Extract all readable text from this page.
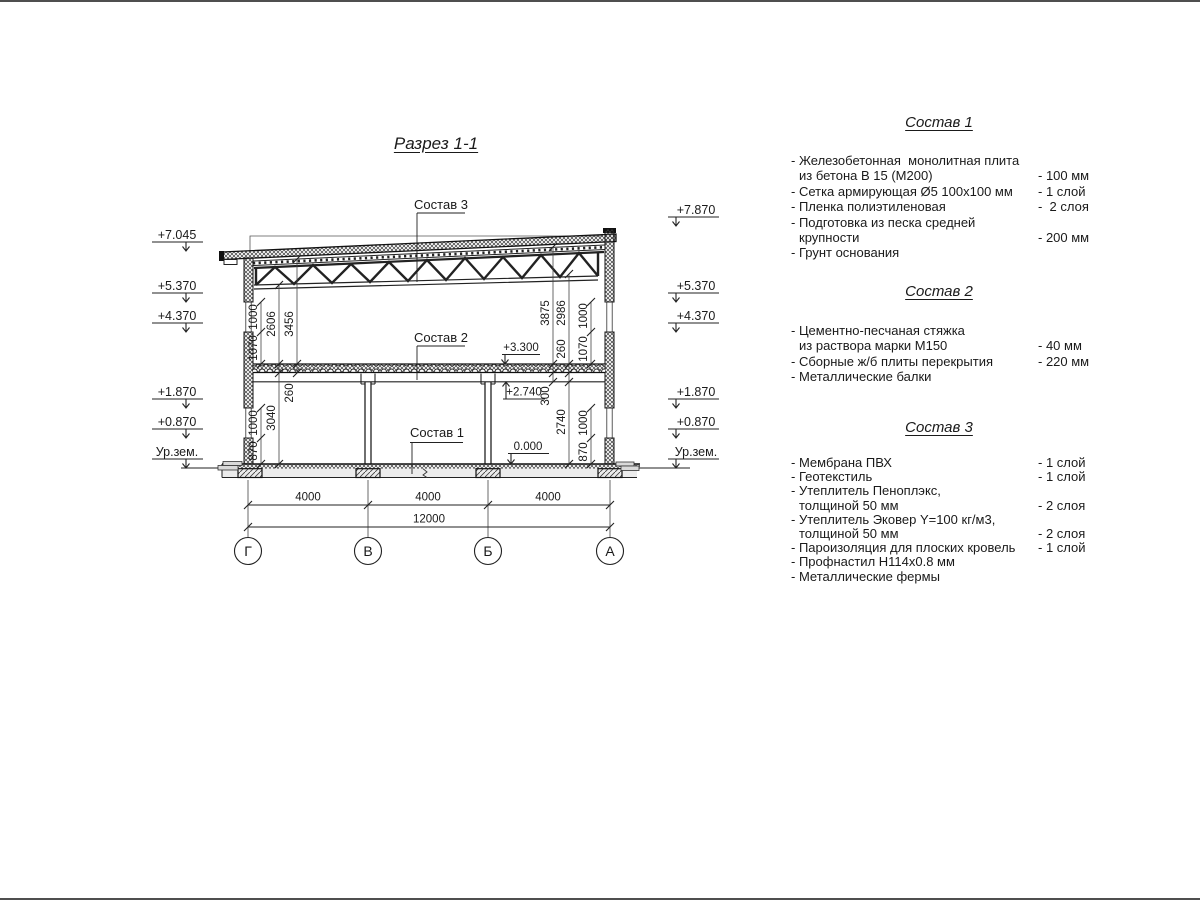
Разрез 1-1
+7.045
+5.370
+4.370
+1.870
+0.870
Ур.зем.
+7.870
+5.370
+4.370
+1.870
+0.870
Ур.зем.
+3.300
+2.740
0.000
Состав 3
Состав 2
Состав 1
1000
1070
1000
870
2606
3040
3456
260
3875
300
2986
260
2740
1000
1070
1000
870
4000	4000	4000
12000
Г	В	Б	А
Состав 1
- Железобетонная  монолитная плита
из бетона В 15 (М200)	- 100 мм
- Сетка армирующая Ø5 100х100 мм - 1 слой
- Пленка полиэтиленовая	-  2 слоя
- Подготовка из песка средней
крупности	- 200 мм
- Грунт основания
Состав 2
- Цементно-песчаная стяжка
из раствора марки М150	- 40 мм
- Сборные ж/б плиты перекрытия	- 220 мм
- Металлические балки
Состав 3
- Мембрана ПВХ	- 1 слой
- Геотекстиль	- 1 слой
- Утеплитель Пеноплэкс,
толщиной 50 мм	- 2 слоя
- Утеплитель Эковер Y=100 кг/м3,
толщиной 50 мм	- 2 слоя
- Пароизоляция для плоских кровель - 1 слой
- Профнастил Н114х0.8 мм
- Металлические фермы
